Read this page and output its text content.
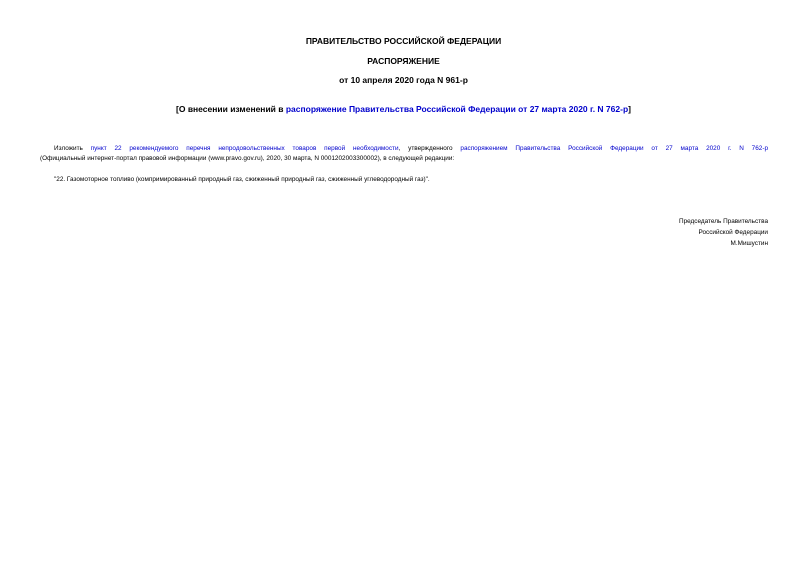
ПРАВИТЕЛЬСТВО РОССИЙСКОЙ ФЕДЕРАЦИИ
РАСПОРЯЖЕНИЕ
от 10 апреля 2020 года N 961-р
[О внесении изменений в распоряжение Правительства Российской Федерации от 27 марта 2020 г. N 762-р]
Изложить пункт 22 рекомендуемого перечня непродовольственных товаров первой необходимости, утвержденного распоряжением Правительства Российской Федерации от 27 марта 2020 г. N 762-р
(Официальный интернет-портал правовой информации (www.pravo.gov.ru), 2020, 30 марта, N 0001202003300002), в следующей редакции:
"22. Газомоторное топливо (компримированный природный газ, сжиженный природный газ, сжиженный углеводородный газ)".
Председатель Правительства
Российской Федерации
М.Мишустин
